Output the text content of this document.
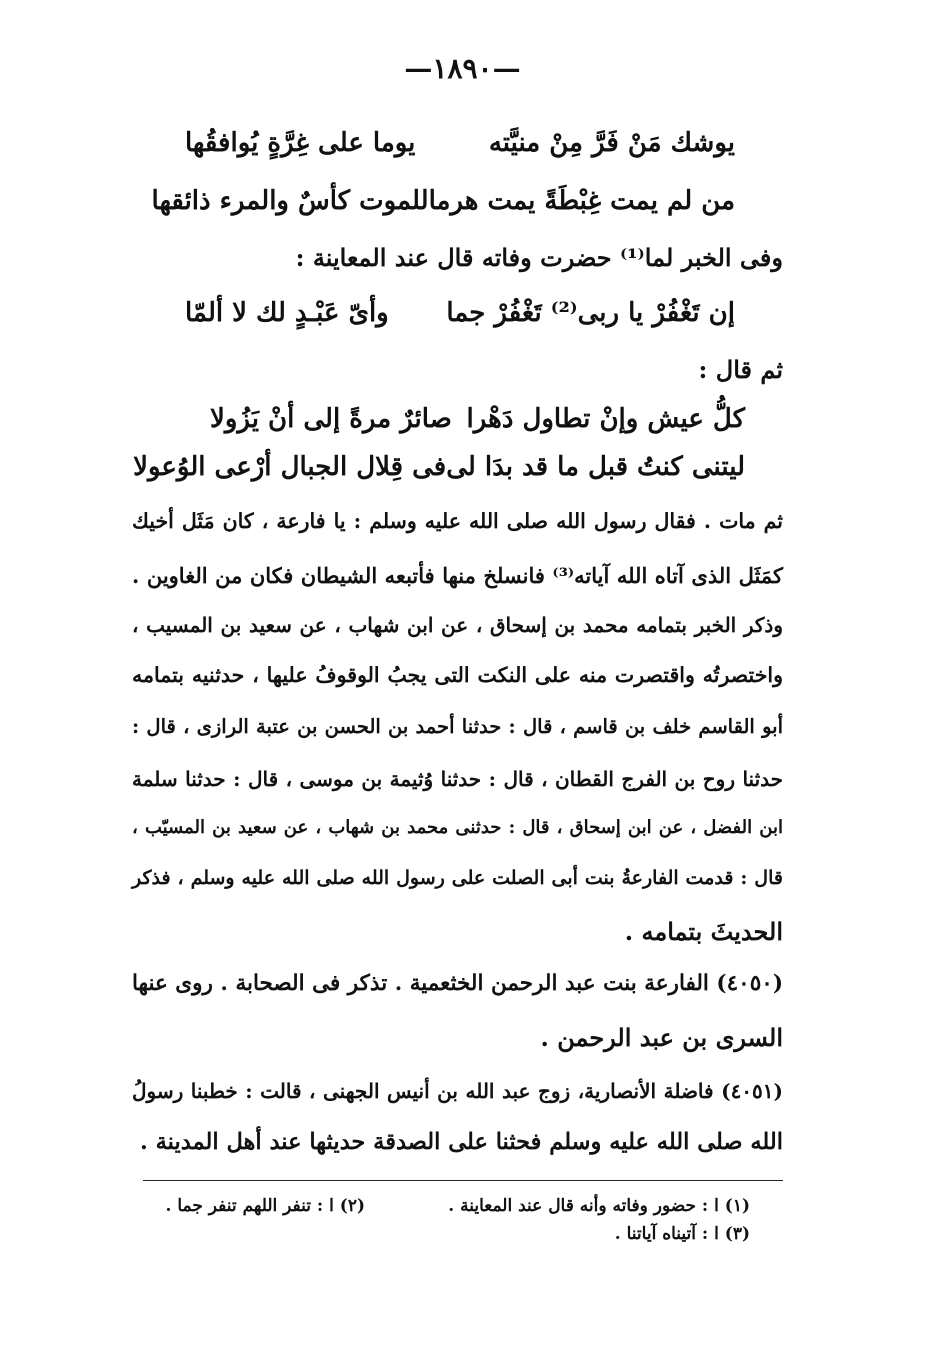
—١٨٩٠—
يوشك مَنْ فَرَّ مِنْ منيَّته
يوما على غِرَّةٍ يُوافقُها
من لم يمت غِبْطَةً يمت هرما
للموت كأسٌ والمرء ذائقها
وفى الخبر لما⁽¹⁾ حضرت وفاته قال عند المعاينة :
إن تَغْفُرْ يا ربى⁽²⁾ تَغْفُرْ جما
وأىّ عَبْـدٍ لك لا ألمّا
ثم قال :
كلُّ عيش وإنْ تطاول دَهْرا
صائرٌ مرةً إلى أنْ يَزُولا
ليتنى كنتُ قبل ما قد بدَا لى
فى قِلال الجبال أرْعى الوُعولا
ثم مات . فقال رسول الله صلى الله عليه وسلم : يا فارعة ، كان مَثَل أخيك
كمَثَل الذى آتاه الله آياته⁽³⁾ فانسلخ منها فأتبعه الشيطان فكان من الغاوين .
وذكر الخبر بتمامه محمد بن إسحاق ، عن ابن شهاب ، عن سعيد بن المسيب ،
واختصرتُه واقتصرت منه على النكت التى يجبُ الوقوفُ عليها ، حدثنيه بتمامه
أبو القاسم خلف بن قاسم ، قال : حدثنا أحمد بن الحسن بن عتبة الرازى ، قال :
حدثنا روح بن الفرج القطان ، قال : حدثنا وُثيمة بن موسى ، قال : حدثنا سلمة
ابن الفضل ، عن ابن إسحاق ، قال : حدثنى محمد بن شهاب ، عن سعيد بن المسيّب ،
قال : قدمت الفارعةُ بنت أبى الصلت على رسول الله صلى الله عليه وسلم ، فذكر
الحديثَ بتمامه .
(٤٠٥٠) الفارعة بنت عبد الرحمن الخثعمية . تذكر فى الصحابة . روى عنها
السرى بن عبد الرحمن .
(٤٠٥١) فاضلة الأنصارية، زوج عبد الله بن أنيس الجهنى ، قالت : خطبنا رسولُ
الله صلى الله عليه وسلم فحثنا على الصدقة حديثها عند أهل المدينة .
(١) ا : حضور وفاته وأنه قال عند المعاينة .
(٢) ا : تنفر اللهم تنفر جما .
(٣) ا : آتيناه آياتنا .
